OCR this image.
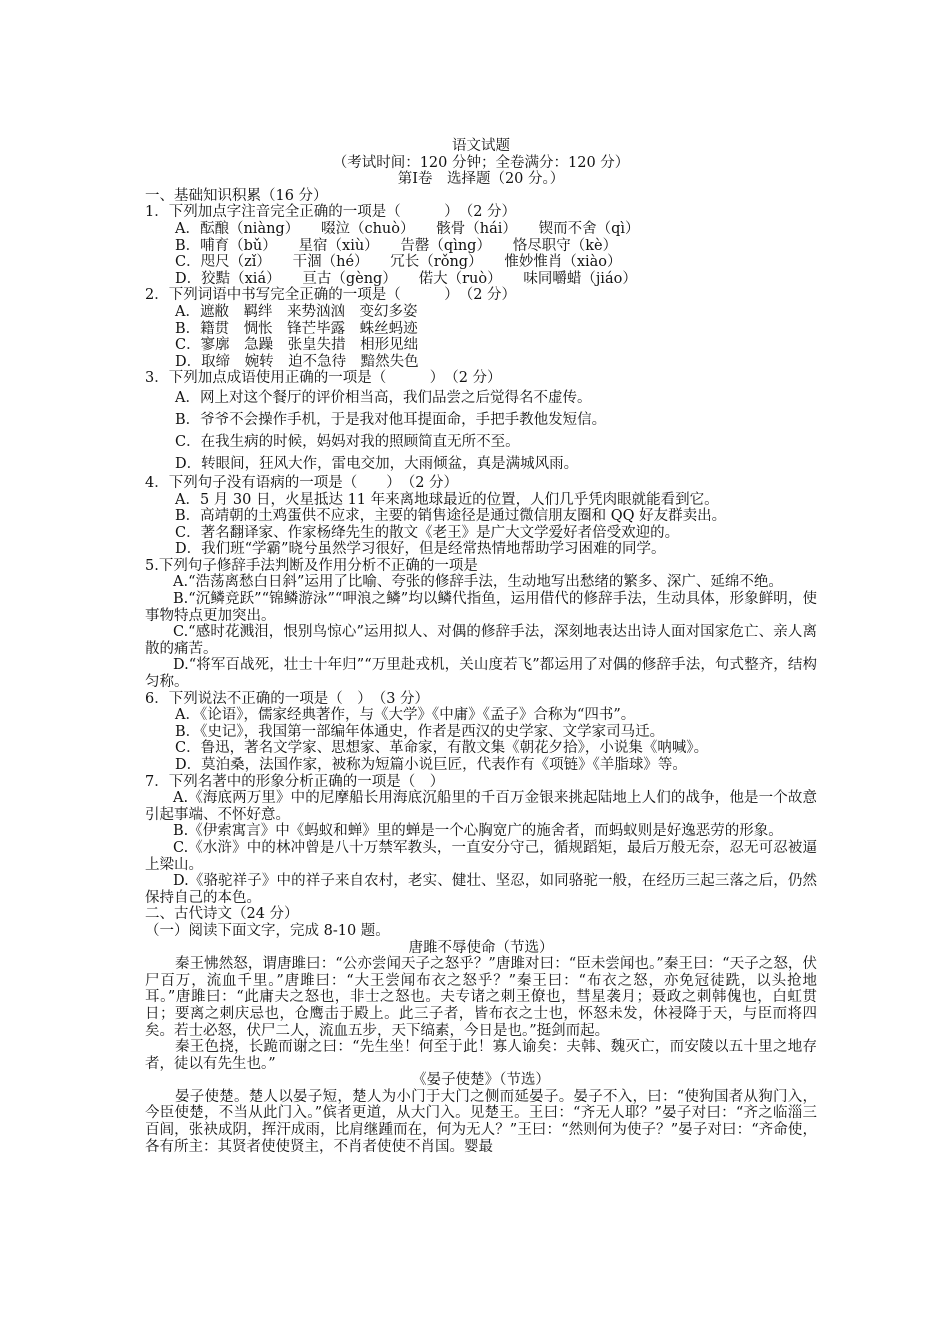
语文试题
（考试时间：120 分钟；全卷满分：120 分）
第Ⅰ卷　选择题（20 分。）
一、基础知识积累（16 分）
1．下列加点字注音完全正确的一项是（　　　）　（2 分）
A．酝酿（niàng）　　啜泣（chuò）　　骸骨（hái）　　锲而不舍（qì）
B．哺育（bǔ）　　星宿（xiù）　　告罄（qìng）　　恪尽职守（kè）
C．咫尺（zǐ）　　干涸（hé）　　冗长（rǒng）　　惟妙惟肖（xiào）
D．狡黠（xiá）　　亘古（gèng）　　偌大（ruò）　　味同嚼蜡（jiáo）
2．下列词语中书写完全正确的一项是（　　　）　（2 分）
A．遮敝　羁绊　来势汹汹　变幻多姿
B．籍贯　惆怅　锋芒毕露　蛛丝蚂迹
C．寥廓　急躁　张皇失措　相形见绌
D．取缔　婉转　迫不急待　黯然失色
3．下列加点成语使用正确的一项是（　　　）　（2 分）
A．网上对这个餐厅的评价相当高，我们品尝之后觉得名不虚传。
B．爷爷不会操作手机，于是我对他耳提面命，手把手教他发短信。
C．在我生病的时候，妈妈对我的照顾简直无所不至。
D．转眼间，狂风大作，雷电交加，大雨倾盆，真是满城风雨。
4．下列句子没有语病的一项是（　　）　（2 分）
A．5 月 30 日，火星抵达 11 年来离地球最近的位置，人们几乎凭肉眼就能看到它。
B．高靖朝的土鸡蛋供不应求，主要的销售途径是通过微信朋友圈和 QQ 好友群卖出。
C．著名翻译家、作家杨绛先生的散文《老王》是广大文学爱好者倍受欢迎的。
D．我们班“学霸”晓兮虽然学习很好，但是经常热情地帮助学习困难的同学。
5.下列句子修辞手法判断及作用分析不正确的一项是
A.“浩荡离愁白日斜”运用了比喻、夸张的修辞手法，生动地写出愁绪的繁多、深广、延绵不绝。
B.“沉鳞竞跃”“锦鳞游泳”“呷浪之鳞”均以鳞代指鱼，运用借代的修辞手法，生动具体，形象鲜明，使事物特点更加突出。
C.“感时花溅泪，恨别鸟惊心”运用拟人、对偶的修辞手法，深刻地表达出诗人面对国家危亡、亲人离散的痛苦。
D.“将军百战死，壮士十年归”“万里赴戎机，关山度若飞”都运用了对偶的修辞手法，句式整齐，结构匀称。
6．下列说法不正确的一项是（　）　（3 分）
A．《论语》，儒家经典著作，与《大学》《中庸》《孟子》合称为“四书”。
B．《史记》，我国第一部编年体通史，作者是西汉的史学家、文学家司马迁。
C．鲁迅，著名文学家、思想家、革命家，有散文集《朝花夕拾》，小说集《呐喊》。
D．莫泊桑，法国作家，被称为短篇小说巨匠，代表作有《项链》《羊脂球》等。
7．下列名著中的形象分析正确的一项是（　）
A.《海底两万里》中的尼摩船长用海底沉船里的千百万金银来挑起陆地上人们的战争，他是一个故意引起事端、不怀好意。
B.《伊索寓言》中《蚂蚁和蝉》里的蝉是一个心胸宽广的施舍者，而蚂蚁则是好逸恶劳的形象。
C.《水浒》中的林冲曾是八十万禁军教头，一直安分守己，循规蹈矩，最后万般无奈，忍无可忍被逼上梁山。
D.《骆驼祥子》中的祥子来自农村，老实、健壮、坚忍，如同骆驼一般，在经历三起三落之后，仍然保持自己的本色。
二、古代诗文（24 分）
（一）阅读下面文字，完成 8-10 题。
唐雎不辱使命（节选）
秦王怫然怒，谓唐雎曰：“公亦尝闻天子之怒乎？”唐雎对曰：“臣未尝闻也。”秦王曰：“天子之怒，伏尸百万，流血千里。”唐雎曰：“大王尝闻布衣之怒乎？”秦王曰：“布衣之怒，亦免冠徒跣，以头抢地耳。”唐雎曰：“此庸夫之怒也，非士之怒也。夫专诸之刺王僚也，彗星袭月；聂政之刺韩傀也，白虹贯日；要离之刺庆忌也，仓鹰击于殿上。此三子者，皆布衣之士也，怀怒未发，休祲降于天，与臣而将四矣。若士必怒，伏尸二人，流血五步，天下缟素，今日是也。”挺剑而起。
秦王色挠，长跪而谢之曰：“先生坐！何至于此！寡人谕矣：夫韩、魏灭亡，而安陵以五十里之地存者，徒以有先生也。”
《晏子使楚》（节选）
晏子使楚。楚人以晏子短，楚人为小门于大门之侧而延晏子。晏子不入，曰：“使狗国者从狗门入，今臣使楚，不当从此门入。”傧者更道，从大门入。见楚王。王曰：“齐无人耶？”晏子对曰：“齐之临淄三百闾，张袂成阴，挥汗成雨，比肩继踵而在，何为无人？”王曰：“然则何为使子？”晏子对曰：“齐命使，各有所主：其贤者使使贤主，不肖者使使不肖国。婴最
